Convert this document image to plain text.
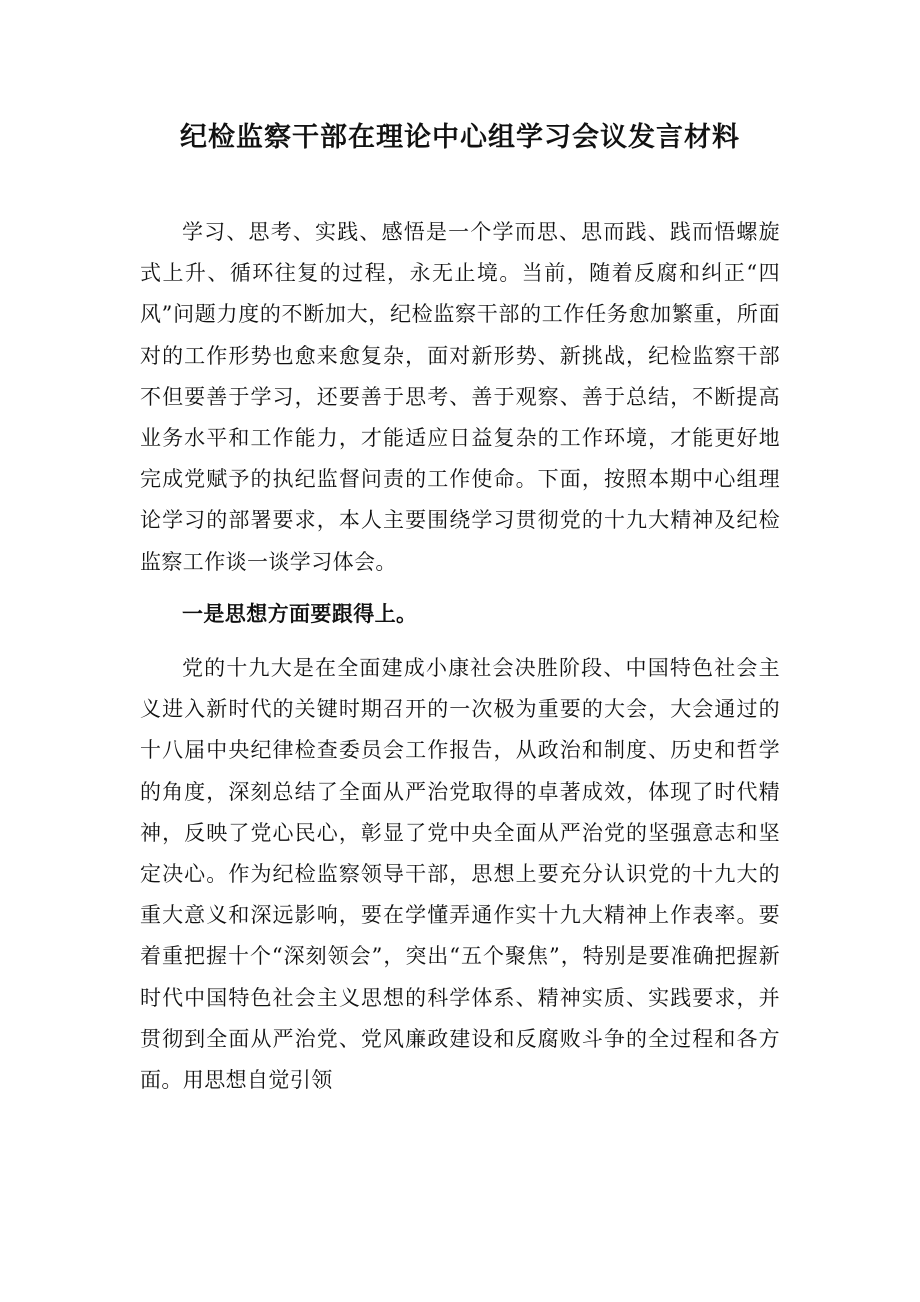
纪检监察干部在理论中心组学习会议发言材料

学习、思考、实践、感悟是一个学而思、思而践、践而悟螺旋式上升、循环往复的过程，永无止境。当前，随着反腐和纠正“四风”问题力度的不断加大，纪检监察干部的工作任务愈加繁重，所面对的工作形势也愈来愈复杂，面对新形势、新挑战，纪检监察干部不但要善于学习，还要善于思考、善于观察、善于总结，不断提高业务水平和工作能力，才能适应日益复杂的工作环境，才能更好地完成党赋予的执纪监督问责的工作使命。下面，按照本期中心组理论学习的部署要求，本人主要围绕学习贯彻党的十九大精神及纪检监察工作谈一谈学习体会。

一是思想方面要跟得上。

党的十九大是在全面建成小康社会决胜阶段、中国特色社会主义进入新时代的关键时期召开的一次极为重要的大会，大会通过的十八届中央纪律检查委员会工作报告，从政治和制度、历史和哲学的角度，深刻总结了全面从严治党取得的卓著成效，体现了时代精神，反映了党心民心，彰显了党中央全面从严治党的坚强意志和坚定决心。作为纪检监察领导干部，思想上要充分认识党的十九大的重大意义和深远影响，要在学懂弄通作实十九大精神上作表率。要着重把握十个“深刻领会”，突出“五个聚焦”，特别是要准确把握新时代中国特色社会主义思想的科学体系、精神实质、实践要求，并贯彻到全面从严治党、党风廉政建设和反腐败斗争的全过程和各方面。用思想自觉引领
